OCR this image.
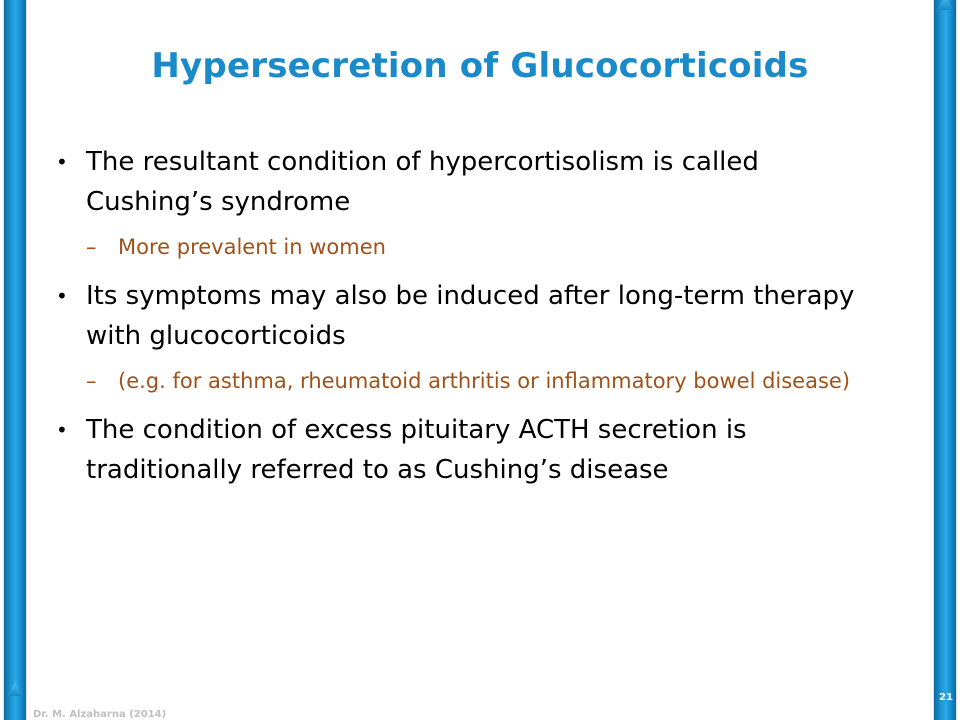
Hypersecretion of Glucocorticoids
• The resultant condition of hypercortisolism is called Cushing’s syndrome
– More prevalent in women
• Its symptoms may also be induced after long-term therapy with glucocorticoids
– (e.g. for asthma, rheumatoid arthritis or inflammatory bowel disease)
• The condition of excess pituitary ACTH secretion is traditionally referred to as Cushing’s disease
Dr. M. Alzaharna (2014)
21
